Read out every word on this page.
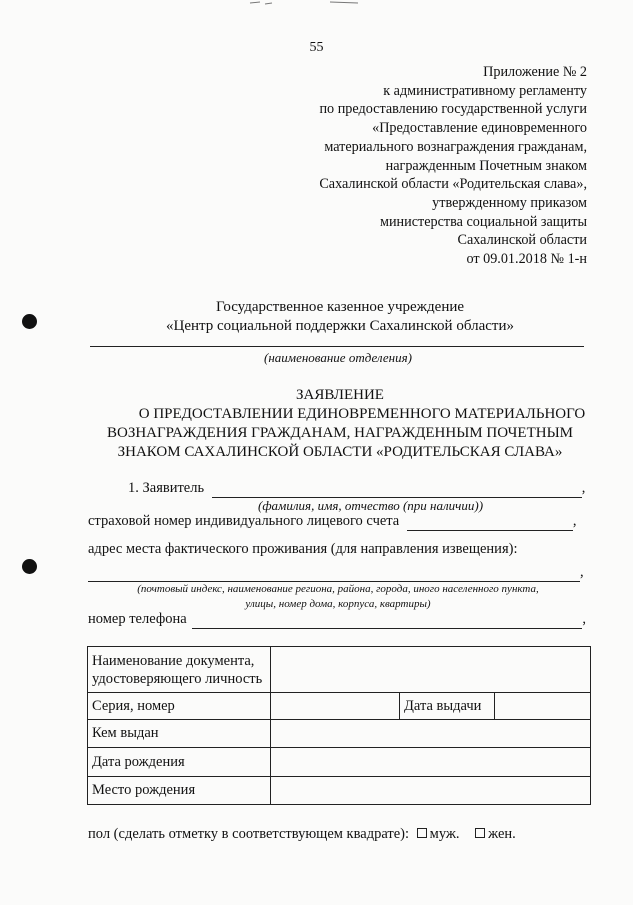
55
Приложение № 2
к административному регламенту
по предоставлению государственной услуги
«Предоставление единовременного
материального вознаграждения гражданам,
награжденным Почетным знаком
Сахалинской области «Родительская слава»,
утвержденному приказом
министерства социальной защиты
Сахалинской области
от 09.01.2018 № 1-н
Государственное казенное учреждение
«Центр социальной поддержки Сахалинской области»
(наименование отделения)
ЗАЯВЛЕНИЕ
О ПРЕДОСТАВЛЕНИИ ЕДИНОВРЕМЕННОГО МАТЕРИАЛЬНОГО
ВОЗНАГРАЖДЕНИЯ ГРАЖДАНАМ, НАГРАЖДЕННЫМ ПОЧЕТНЫМ
ЗНАКОМ САХАЛИНСКОЙ ОБЛАСТИ «РОДИТЕЛЬСКАЯ СЛАВА»
1. Заявитель	,
(фамилия, имя, отчество (при наличии))
страховой номер индивидуального лицевого счета	,
адрес места фактического проживания (для направления извещения):
,
(почтовый индекс, наименование региона, района, города, иного населенного пункта,
улицы, номер дома, корпуса, квартиры)
номер телефона	,
Наименование документа,
удостоверяющего личность			

Серия, номер		Дата выдачи	
Кем выдан			
Дата рождения			
Место рождения			
пол (сделать отметку в соответствующем квадрате): муж. жен.
